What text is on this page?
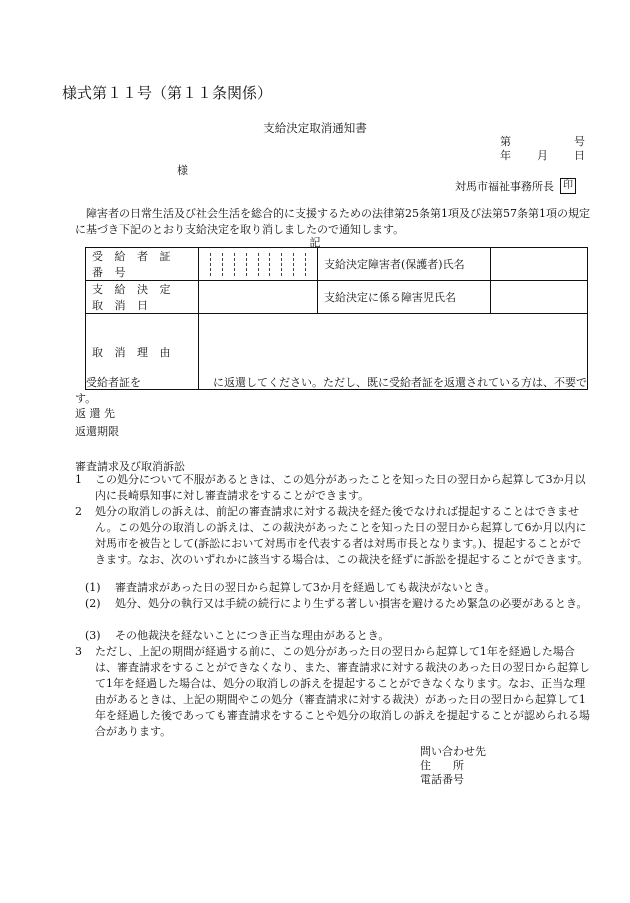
様式第１１号（第１１条関係）
支給決定取消通知書
第	号
年 月 日
様
対馬市福祉事務所長 印
障害者の日常生活及び社会生活を総合的に支援するための法律第25条第1項及び法第57条第1項の規定に基づき下記のとおり支給決定を取り消しましたので通知します。
記
受 給 者 証 番 号		支給決定障害者(保護者)氏名	
支 給 決 定 取 消 日		支給決定に係る障害児氏名	
取 消 理 由			
受給者証を	に返還してください。ただし、既に受給者証を返還されている方は、不要です。
返 還 先
返還期限
審査請求及び取消訴訟
1	この処分について不服があるときは、この処分があったことを知った日の翌日から起算して3か月以内に長崎県知事に対し審査請求をすることができます。
2	処分の取消しの訴えは、前記の審査請求に対する裁決を経た後でなければ提起することはできません。この処分の取消しの訴えは、この裁決があったことを知った日の翌日から起算して6か月以内に対馬市を被告として(訴訟において対馬市を代表する者は対馬市長となります。)、提起することができます。なお、次のいずれかに該当する場合は、この裁決を経ずに訴訟を提起することができます。
(1)	審査請求があった日の翌日から起算して3か月を経過しても裁決がないとき。
(2)	処分、処分の執行又は手続の続行により生ずる著しい損害を避けるため緊急の必要があるとき。
(3)	その他裁決を経ないことにつき正当な理由があるとき。
3	ただし、上記の期間が経過する前に、この処分があった日の翌日から起算して1年を経過した場合は、審査請求をすることができなくなり、また、審査請求に対する裁決のあった日の翌日から起算して1年を経過した場合は、処分の取消しの訴えを提起することができなくなります。なお、正当な理由があるときは、上記の期間やこの処分（審査請求に対する裁決）があった日の翌日から起算して1年を経過した後であっても審査請求をすることや処分の取消しの訴えを提起することが認められる場合があります。
問い合わせ先
住　　所
電話番号
